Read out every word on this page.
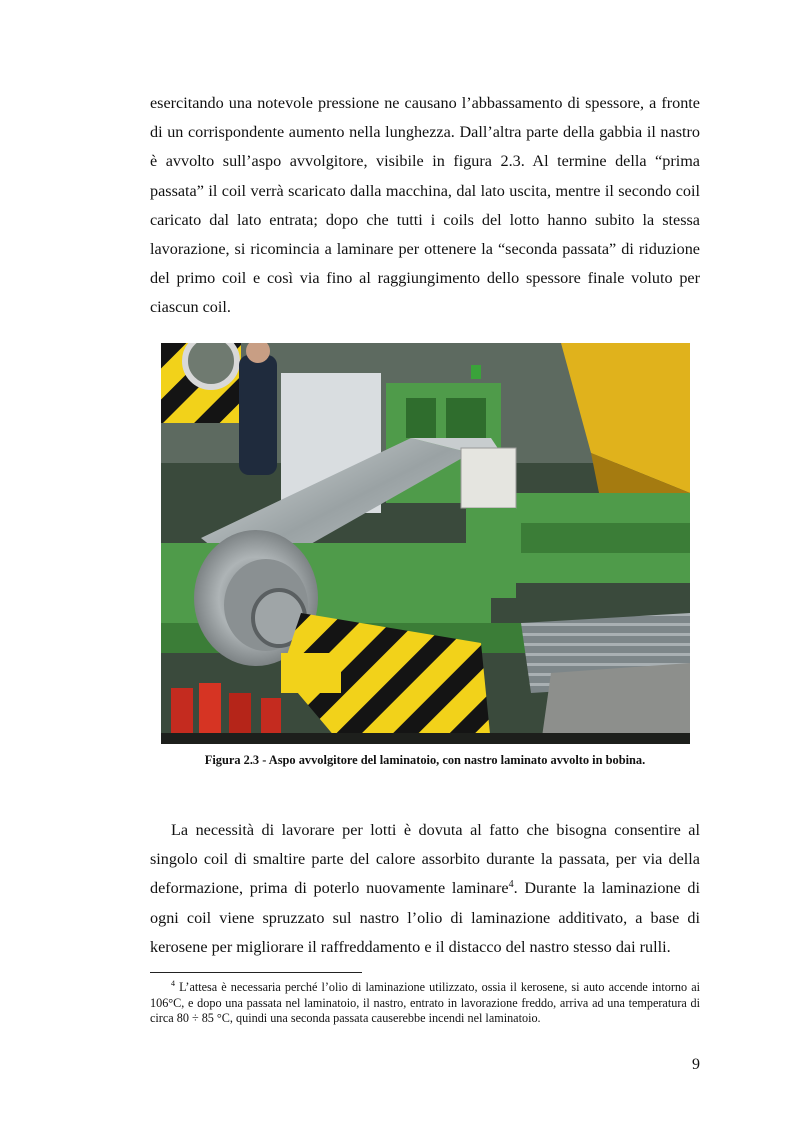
esercitando una notevole pressione ne causano l’abbassamento di spessore, a fronte di un corrispondente aumento nella lunghezza. Dall’altra parte della gabbia il nastro è avvolto sull’aspo avvolgitore, visibile in figura 2.3. Al termine della “prima passata” il coil verrà scaricato dalla macchina, dal lato uscita, mentre il secondo coil caricato dal lato entrata; dopo che tutti i coils del lotto hanno subito la stessa lavorazione, si ricomincia a laminare per ottenere la “seconda passata” di riduzione del primo coil e così via fino al raggiungimento dello spessore finale voluto per ciascun coil.

Figura 2.3 - Aspo avvolgitore del laminatoio, con nastro laminato avvolto in bobina.

La necessità di lavorare per lotti è dovuta al fatto che bisogna consentire al singolo coil di smaltire parte del calore assorbito durante la passata, per via della deformazione, prima di poterlo nuovamente laminare$^4$. Durante la laminazione di ogni coil viene spruzzato sul nastro l’olio di laminazione additivato, a base di kerosene per migliorare il raffreddamento e il distacco del nastro stesso dai rulli.

$^4$ L’attesa è necessaria perché l’olio di laminazione utilizzato, ossia il kerosene, si auto accende intorno ai 106°C, e dopo una passata nel laminatoio, il nastro, entrato in lavorazione freddo, arriva ad una temperatura di circa 80 ÷ 85 °C, quindi una seconda passata causerebbe incendi nel laminatoio.

9
